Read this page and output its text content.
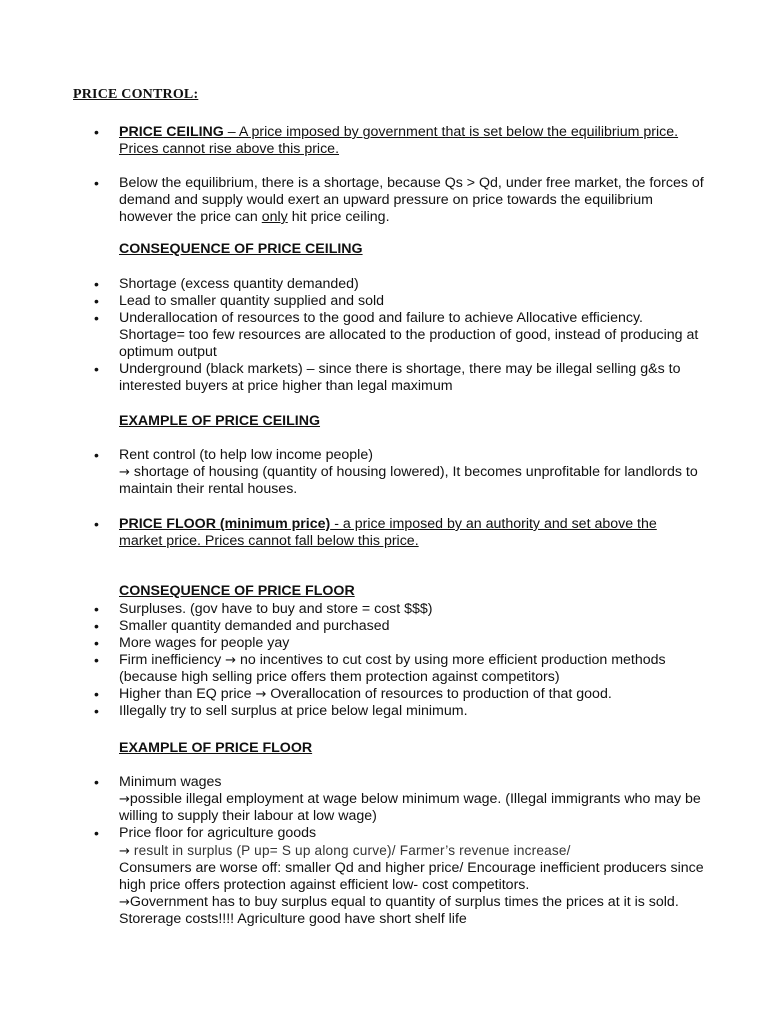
PRICE CONTROL:

• PRICE CEILING – A price imposed by government that is set below the equilibrium price. Prices cannot rise above this price.
• Below the equilibrium, there is a shortage, because Qs > Qd, under free market, the forces of demand and supply would exert an upward pressure on price towards the equilibrium however the price can only hit price ceiling.

CONSEQUENCE OF PRICE CEILING

• Shortage (excess quantity demanded)
• Lead to smaller quantity supplied and sold
• Underallocation of resources to the good and failure to achieve Allocative efficiency. Shortage= too few resources are allocated to the production of good, instead of producing at optimum output
• Underground (black markets) – since there is shortage, there may be illegal selling g&s to interested buyers at price higher than legal maximum

EXAMPLE OF PRICE CEILING

• Rent control (to help low income people)
→ shortage of housing (quantity of housing lowered), It becomes unprofitable for landlords to maintain their rental houses.
• PRICE FLOOR (minimum price) - a price imposed by an authority and set above the market price. Prices cannot fall below this price.

CONSEQUENCE OF PRICE FLOOR

• Surpluses. (gov have to buy and store = cost $$$)
• Smaller quantity demanded and purchased
• More wages for people yay
• Firm inefficiency → no incentives to cut cost by using more efficient production methods (because high selling price offers them protection against competitors)
• Higher than EQ price → Overallocation of resources to production of that good.
• Illegally try to sell surplus at price below legal minimum.

EXAMPLE OF PRICE FLOOR

• Minimum wages
→possible illegal employment at wage below minimum wage. (Illegal immigrants who may be willing to supply their labour at low wage)
• Price floor for agriculture goods
→ result in surplus (P up= S up along curve)/ Farmer’s revenue increase/
Consumers are worse off: smaller Qd and higher price/ Encourage inefficient producers since high price offers protection against efficient low- cost competitors.
→Government has to buy surplus equal to quantity of surplus times the prices at it is sold. Storerage costs!!!! Agriculture good have short shelf life
